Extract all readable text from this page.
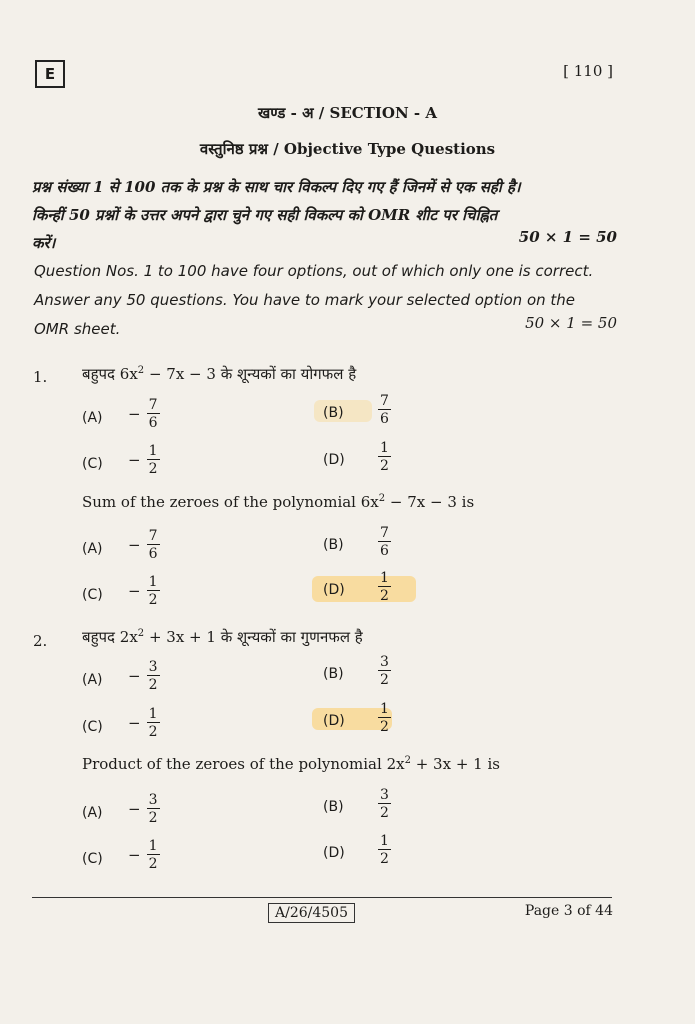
E	[ 110 ]
खण्ड - अ / SECTION - A
वस्तुनिष्ठ प्रश्न / Objective Type Questions
प्रश्न संख्या 1 से 100 तक के प्रश्न के साथ चार विकल्प दिए गए हैं जिनमें से एक सही है।
किन्हीं 50 प्रश्नों के उत्तर अपने द्वारा चुने गए सही विकल्प को OMR शीट पर चिह्नित
करें।	50 × 1 = 50
Question Nos. 1 to 100 have four options, out of which only one is correct.
Answer any 50 questions. You have to mark your selected option on the
OMR sheet.	50 × 1 = 50
1. बहुपद $6x^2 - 7x - 3$ के शून्यकों का योगफल है
$(A) - \frac{7}{6}$	$(B) \frac{7}{6}$
$(C) - \frac{1}{2}$	$(D) \frac{1}{2}$
Sum of the zeroes of the polynomial $6x^2 - 7x - 3$ is
$(A) - \frac{7}{6}$	$(B) \frac{7}{6}$
$(C) - \frac{1}{2}$	$(D) \frac{1}{2}$
2. बहुपद $2x^2 + 3x + 1$ के शून्यकों का गुणनफल है
$(A) - \frac{3}{2}$	$(B) \frac{3}{2}$
$(C) - \frac{1}{2}$	$(D) \frac{1}{2}$
Product of the zeroes of the polynomial $2x^2 + 3x + 1$ is
$(A) - \frac{3}{2}$	$(B) \frac{3}{2}$
$(C) - \frac{1}{2}$	$(D) \frac{1}{2}$
A/26/4505	Page 3 of 44
